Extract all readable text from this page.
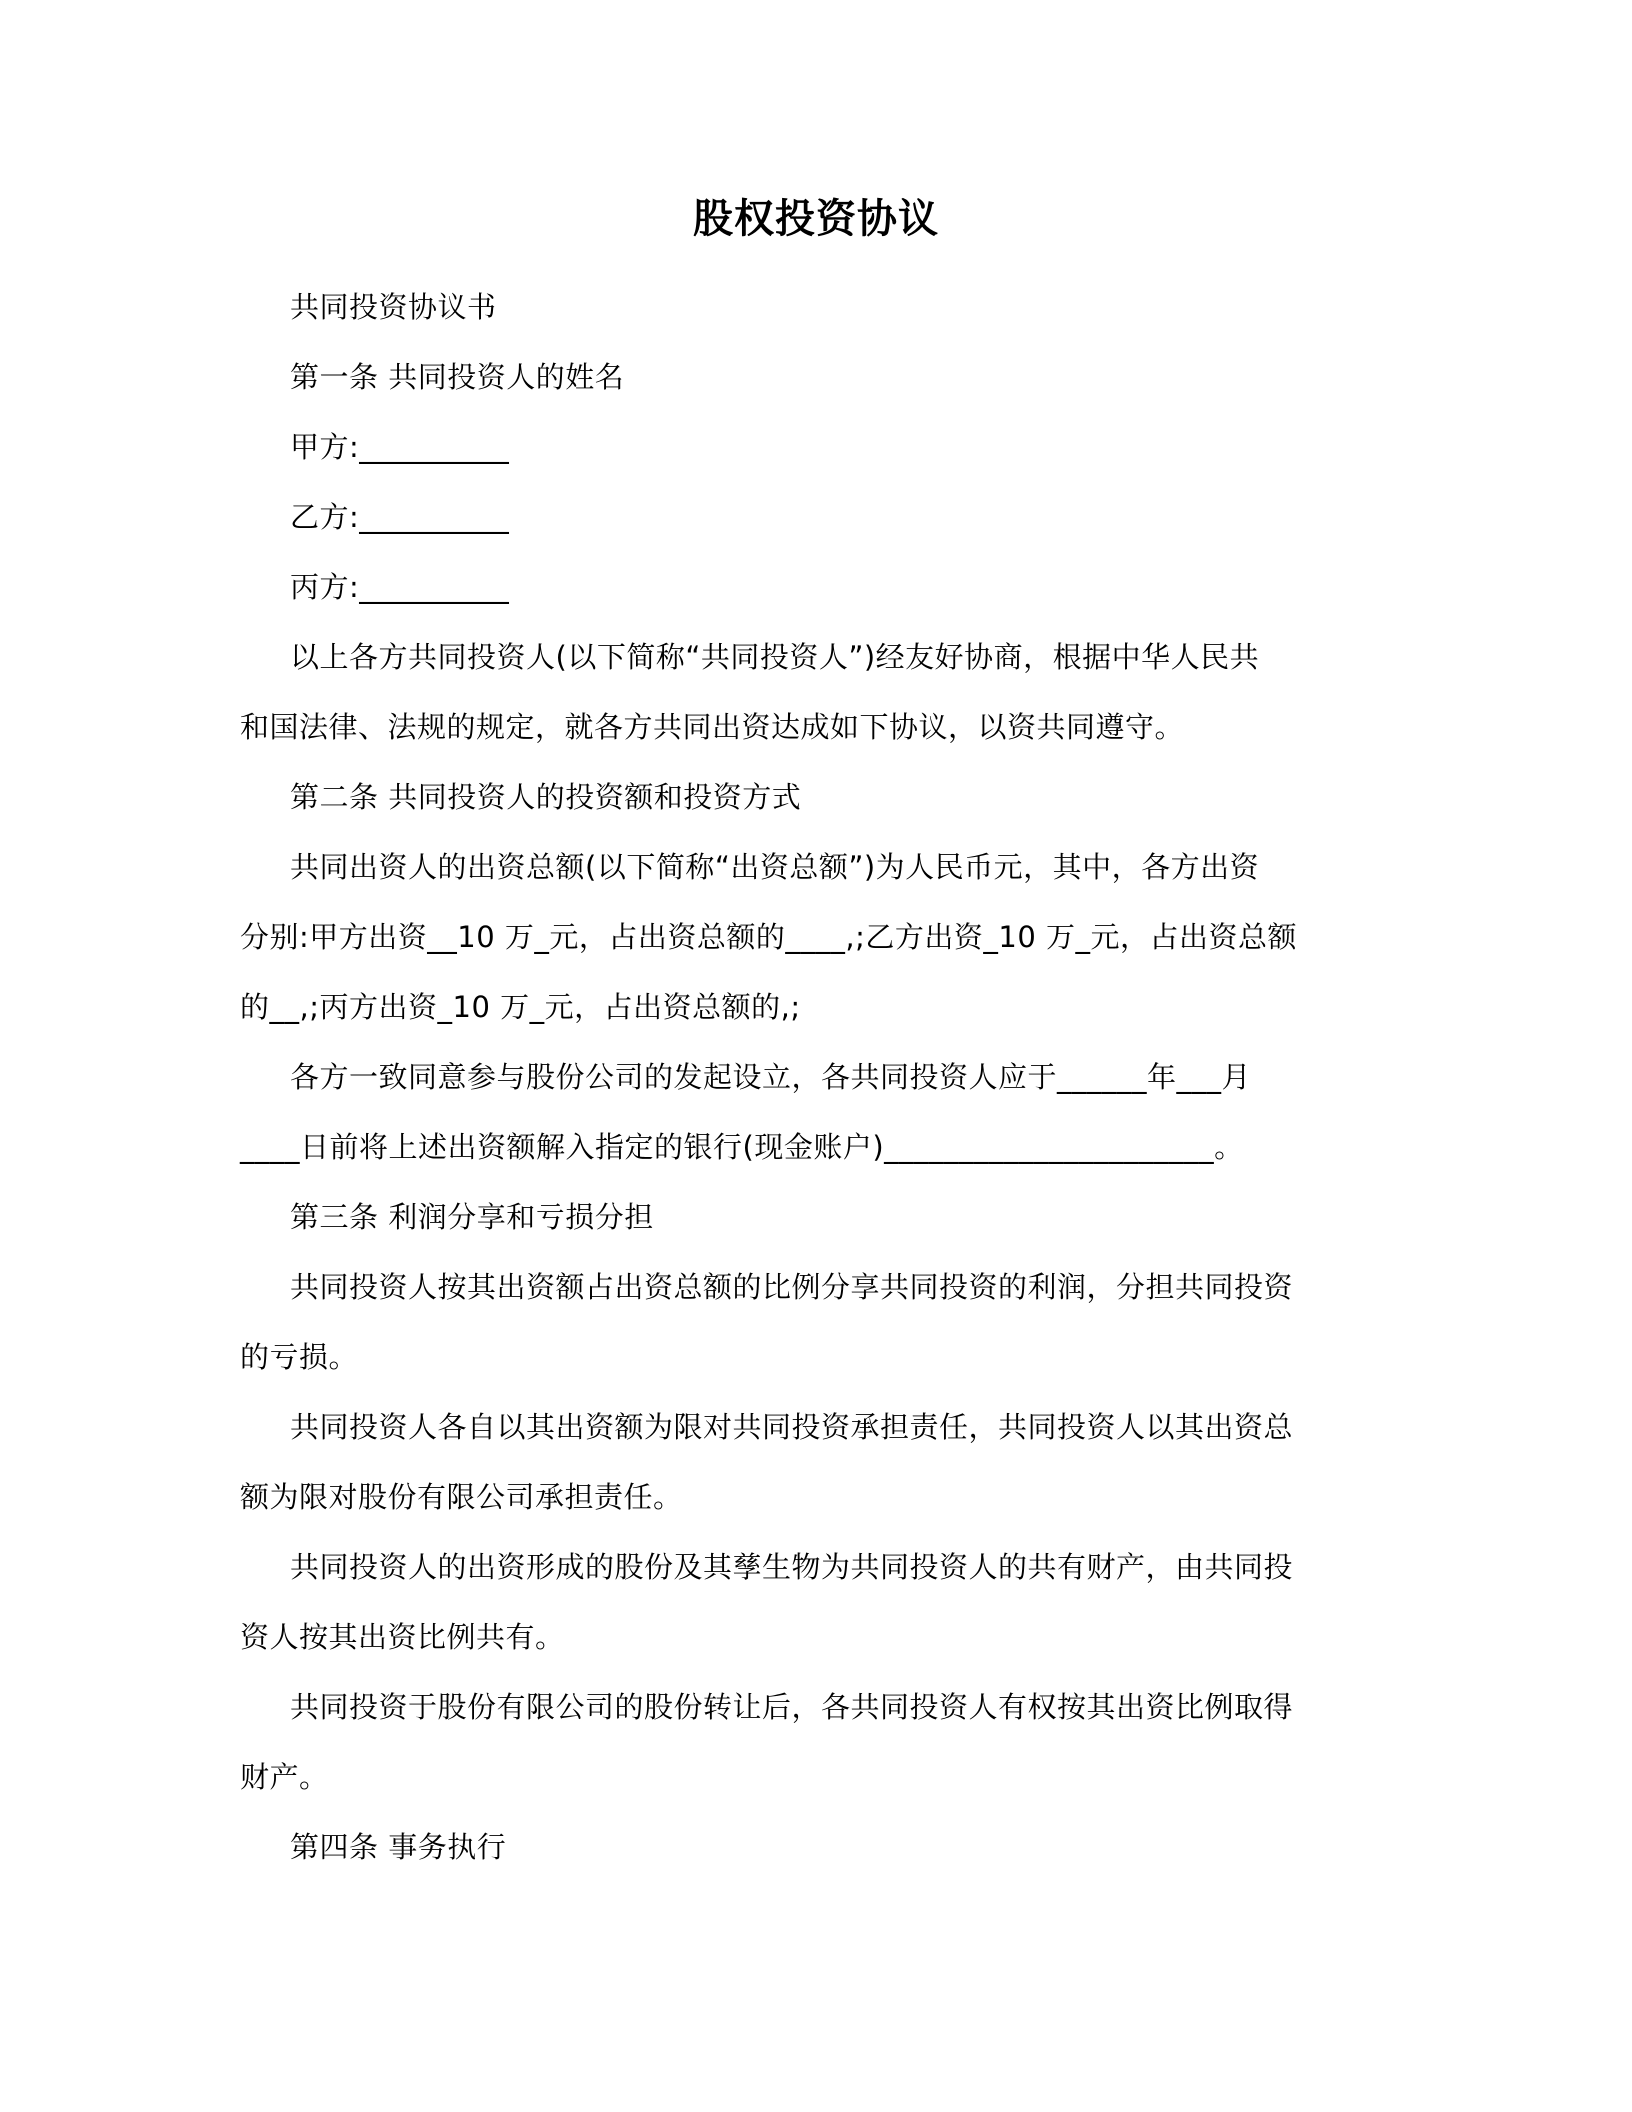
股权投资协议
共同投资协议书
第一条 共同投资人的姓名
甲方:__________
乙方:__________
丙方:__________
以上各方共同投资人(以下简称“共同投资人”)经友好协商，根据中华人民共
和国法律、法规的规定，就各方共同出资达成如下协议，以资共同遵守。
第二条 共同投资人的投资额和投资方式
共同出资人的出资总额(以下简称“出资总额”)为人民币元，其中，各方出资
分别:甲方出资__10 万_元，占出资总额的____,;乙方出资_10 万_元，占出资总额
的__,;丙方出资_10 万_元，占出资总额的,;
各方一致同意参与股份公司的发起设立，各共同投资人应于______年___月
____日前将上述出资额解入指定的银行(现金账户)______________________。
第三条 利润分享和亏损分担
共同投资人按其出资额占出资总额的比例分享共同投资的利润，分担共同投资
的亏损。
共同投资人各自以其出资额为限对共同投资承担责任，共同投资人以其出资总
额为限对股份有限公司承担责任。
共同投资人的出资形成的股份及其孳生物为共同投资人的共有财产，由共同投
资人按其出资比例共有。
共同投资于股份有限公司的股份转让后，各共同投资人有权按其出资比例取得
财产。
第四条 事务执行
